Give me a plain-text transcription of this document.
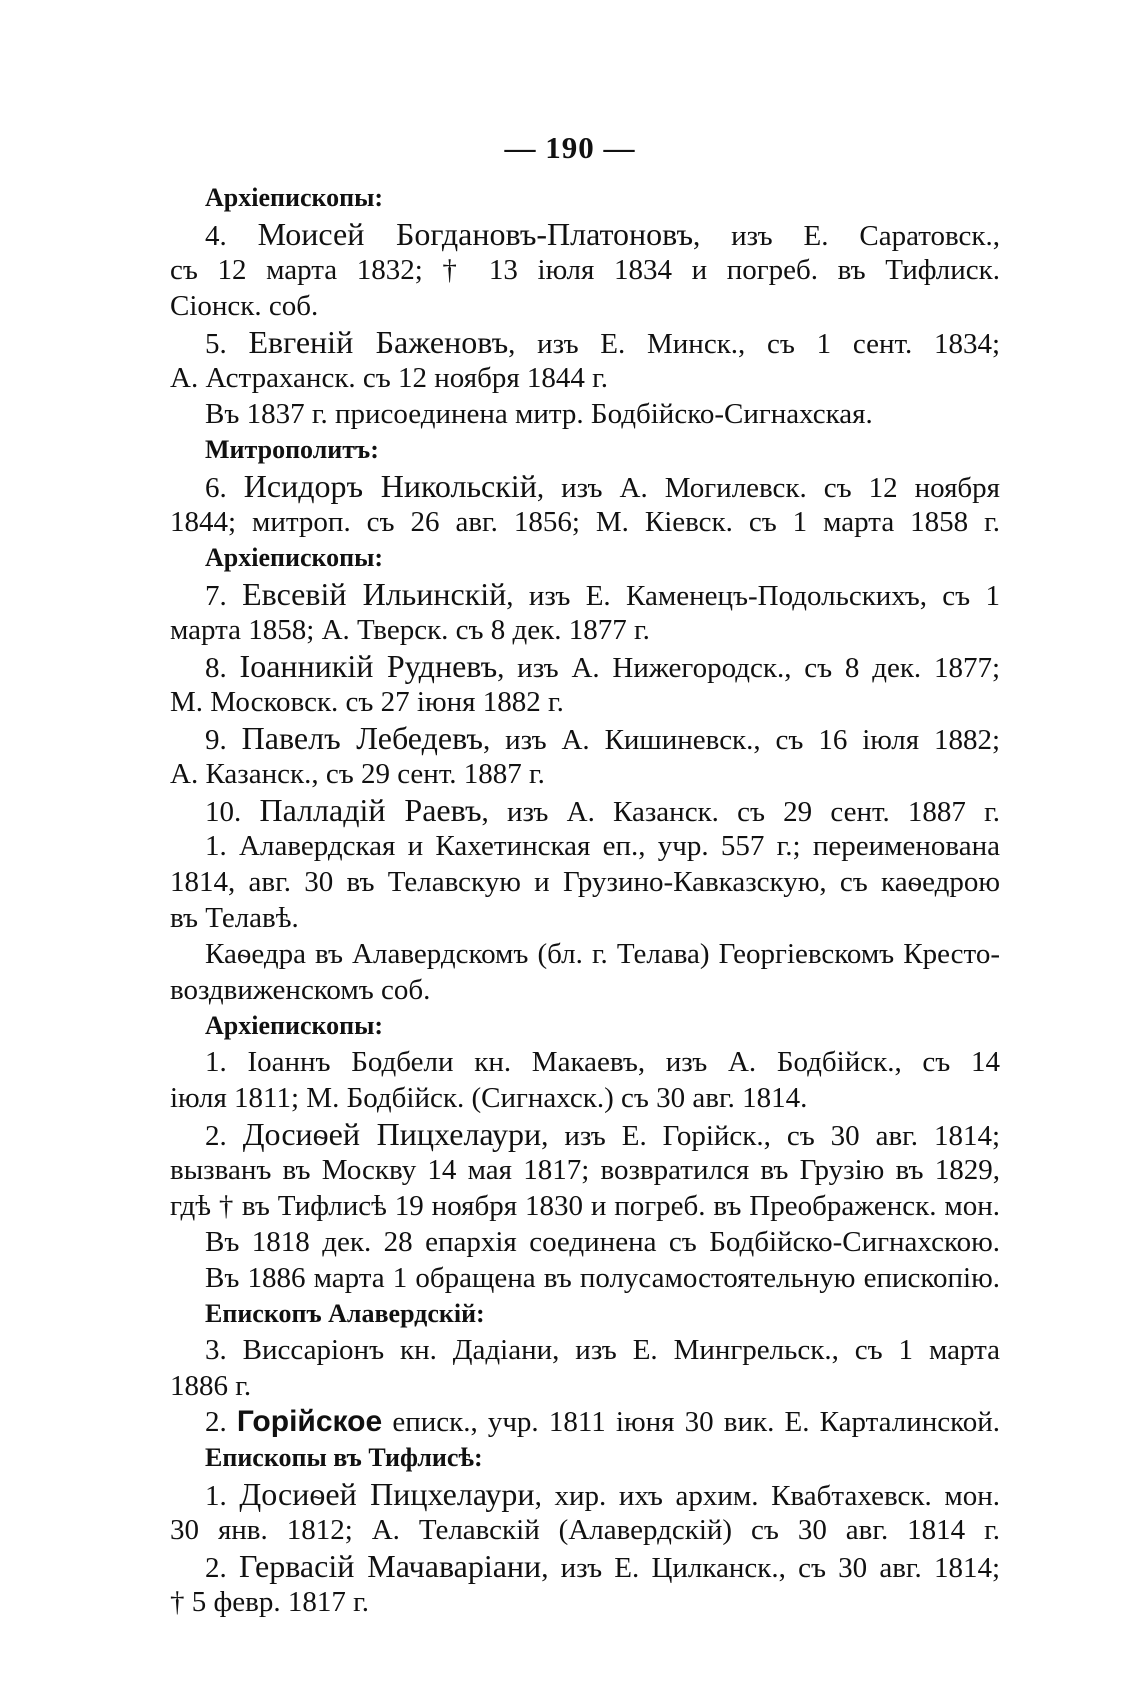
— 190 —
Архіепископы:
4. Моисей Богдановъ-Платоновъ, изъ Е. Саратовск.,
съ 12 марта 1832; † 13 іюля 1834 и погреб. въ Тифлиск.
Сіонск. соб.
5. Евгеній Баженовъ, изъ Е. Минск., съ 1 сент. 1834;
А. Астраханск. съ 12 ноября 1844 г.
Въ 1837 г. присоединена митр. Бодбійско-Сигнахская.
Митрополитъ:
6. Исидоръ Никольскій, изъ А. Могилевск. съ 12 ноября
1844; митроп. съ 26 авг. 1856; М. Кіевск. съ 1 марта 1858 г.
Архіепископы:
7. Евсевій Ильинскій, изъ Е. Каменецъ-Подольскихъ, съ 1
марта 1858; А. Тверск. съ 8 дек. 1877 г.
8. Іоанникій Рудневъ, изъ А. Нижегородск., съ 8 дек. 1877;
М. Московск. съ 27 іюня 1882 г.
9. Павелъ Лебедевъ, изъ А. Кишиневск., съ 16 іюля 1882;
А. Казанск., съ 29 сент. 1887 г.
10. Палладій Раевъ, изъ А. Казанск. съ 29 сент. 1887 г.
1. Алавердская и Кахетинская еп., учр. 557 г.; переименована
1814, авг. 30 въ Телавскую и Грузино-Кавказскую, съ каѳедрою
въ Телавѣ.
Каѳедра въ Алавердскомъ (бл. г. Телава) Георгіевскомъ Кресто-
воздвиженскомъ соб.
Архіепископы:
1. Іоаннъ Бодбели кн. Макаевъ, изъ А. Бодбійск., съ 14
іюля 1811; М. Бодбійск. (Сигнахск.) съ 30 авг. 1814.
2. Досиѳей Пицхелаури, изъ Е. Горійск., съ 30 авг. 1814;
вызванъ въ Москву 14 мая 1817; возвратился въ Грузію въ 1829,
гдѣ † въ Тифлисѣ 19 ноября 1830 и погреб. въ Преображенск. мон.
Въ 1818 дек. 28 епархія соединена съ Бодбійско-Сигнахскою.
Въ 1886 марта 1 обращена въ полусамостоятельную епископію.
Епископъ Алавердскій:
3. Виссаріонъ кн. Дадіани, изъ Е. Мингрельск., съ 1 марта
1886 г.
2. Горійское еписк., учр. 1811 іюня 30 вик. Е. Карталинской.
Епископы въ Тифлисѣ:
1. Досиѳей Пицхелаури, хир. ихъ архим. Квабтахевск. мон.
30 янв. 1812; А. Телавскій (Алавердскій) съ 30 авг. 1814 г.
2. Гервасій Мачаваріани, изъ Е. Цилканск., съ 30 авг. 1814;
† 5 февр. 1817 г.
